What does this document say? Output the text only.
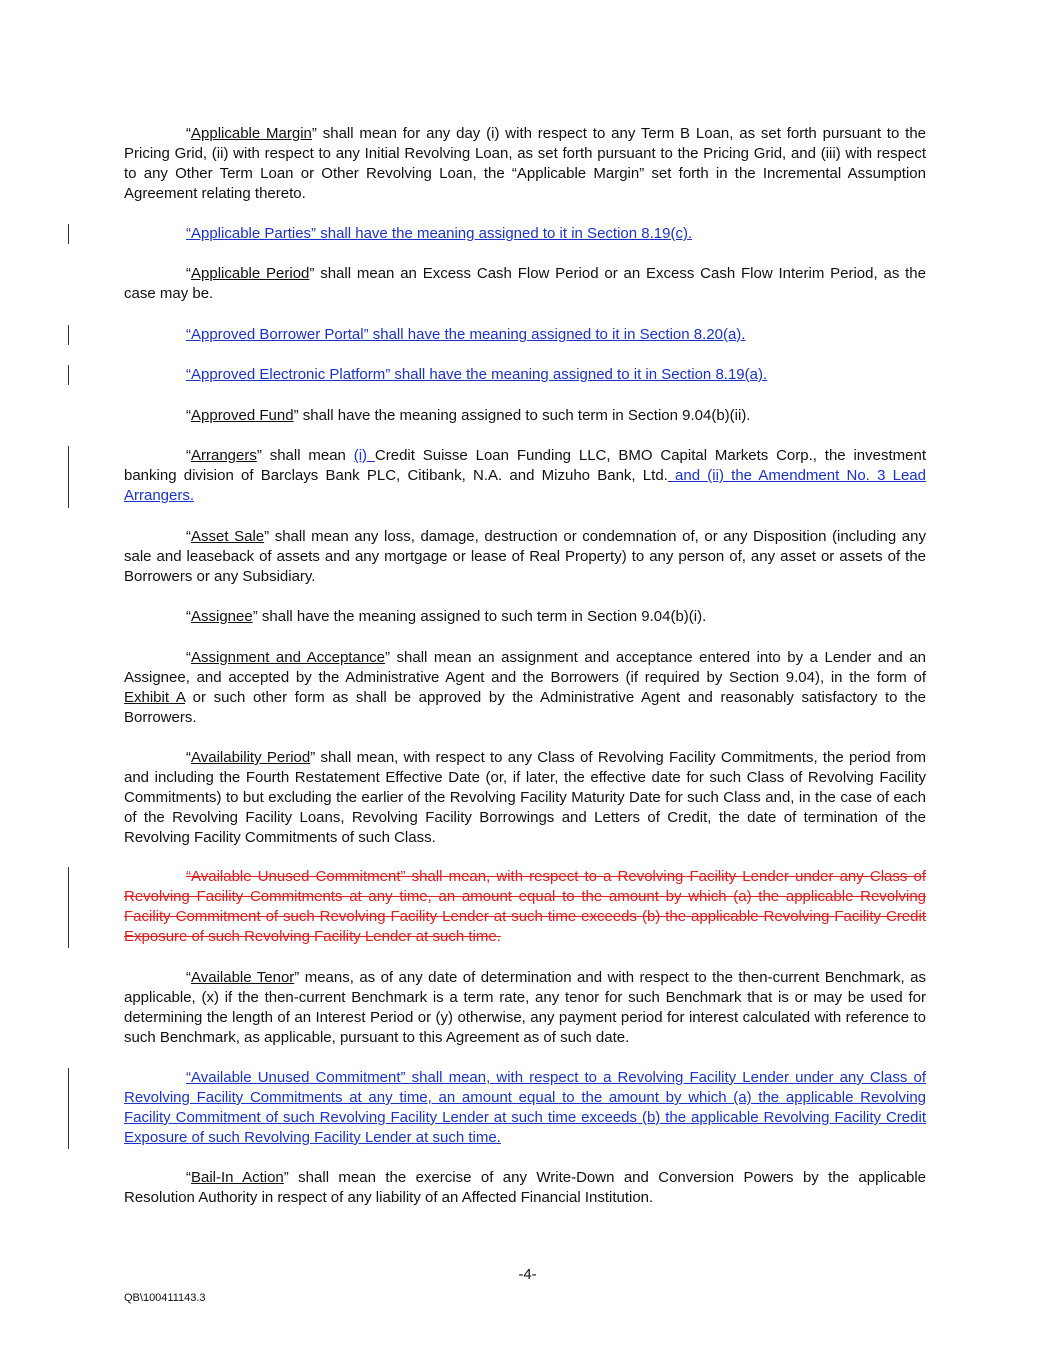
“Applicable Margin” shall mean for any day (i) with respect to any Term B Loan, as set forth pursuant to the Pricing Grid, (ii) with respect to any Initial Revolving Loan, as set forth pursuant to the Pricing Grid, and (iii) with respect to any Other Term Loan or Other Revolving Loan, the “Applicable Margin” set forth in the Incremental Assumption Agreement relating thereto.

“Applicable Parties” shall have the meaning assigned to it in Section 8.19(c).

“Applicable Period” shall mean an Excess Cash Flow Period or an Excess Cash Flow Interim Period, as the case may be.

“Approved Borrower Portal” shall have the meaning assigned to it in Section 8.20(a).

“Approved Electronic Platform” shall have the meaning assigned to it in Section 8.19(a).

“Approved Fund” shall have the meaning assigned to such term in Section 9.04(b)(ii).

“Arrangers” shall mean (i) Credit Suisse Loan Funding LLC, BMO Capital Markets Corp., the investment banking division of Barclays Bank PLC, Citibank, N.A. and Mizuho Bank, Ltd. and (ii) the Amendment No. 3 Lead Arrangers.

“Asset Sale” shall mean any loss, damage, destruction or condemnation of, or any Disposition (including any sale and leaseback of assets and any mortgage or lease of Real Property) to any person of, any asset or assets of the Borrowers or any Subsidiary.

“Assignee” shall have the meaning assigned to such term in Section 9.04(b)(i).

“Assignment and Acceptance” shall mean an assignment and acceptance entered into by a Lender and an Assignee, and accepted by the Administrative Agent and the Borrowers (if required by Section 9.04), in the form of Exhibit A or such other form as shall be approved by the Administrative Agent and reasonably satisfactory to the Borrowers.

“Availability Period” shall mean, with respect to any Class of Revolving Facility Commitments, the period from and including the Fourth Restatement Effective Date (or, if later, the effective date for such Class of Revolving Facility Commitments) to but excluding the earlier of the Revolving Facility Maturity Date for such Class and, in the case of each of the Revolving Facility Loans, Revolving Facility Borrowings and Letters of Credit, the date of termination of the Revolving Facility Commitments of such Class.

“Available Unused Commitment” shall mean, with respect to a Revolving Facility Lender under any Class of Revolving Facility Commitments at any time, an amount equal to the amount by which (a) the applicable Revolving Facility Commitment of such Revolving Facility Lender at such time exceeds (b) the applicable Revolving Facility Credit Exposure of such Revolving Facility Lender at such time.

“Available Tenor” means, as of any date of determination and with respect to the then-current Benchmark, as applicable, (x) if the then-current Benchmark is a term rate, any tenor for such Benchmark that is or may be used for determining the length of an Interest Period or (y) otherwise, any payment period for interest calculated with reference to such Benchmark, as applicable, pursuant to this Agreement as of such date.

“Available Unused Commitment” shall mean, with respect to a Revolving Facility Lender under any Class of Revolving Facility Commitments at any time, an amount equal to the amount by which (a) the applicable Revolving Facility Commitment of such Revolving Facility Lender at such time exceeds (b) the applicable Revolving Facility Credit Exposure of such Revolving Facility Lender at such time.

“Bail-In Action” shall mean the exercise of any Write-Down and Conversion Powers by the applicable Resolution Authority in respect of any liability of an Affected Financial Institution.

-4-
QB\100411143.3
